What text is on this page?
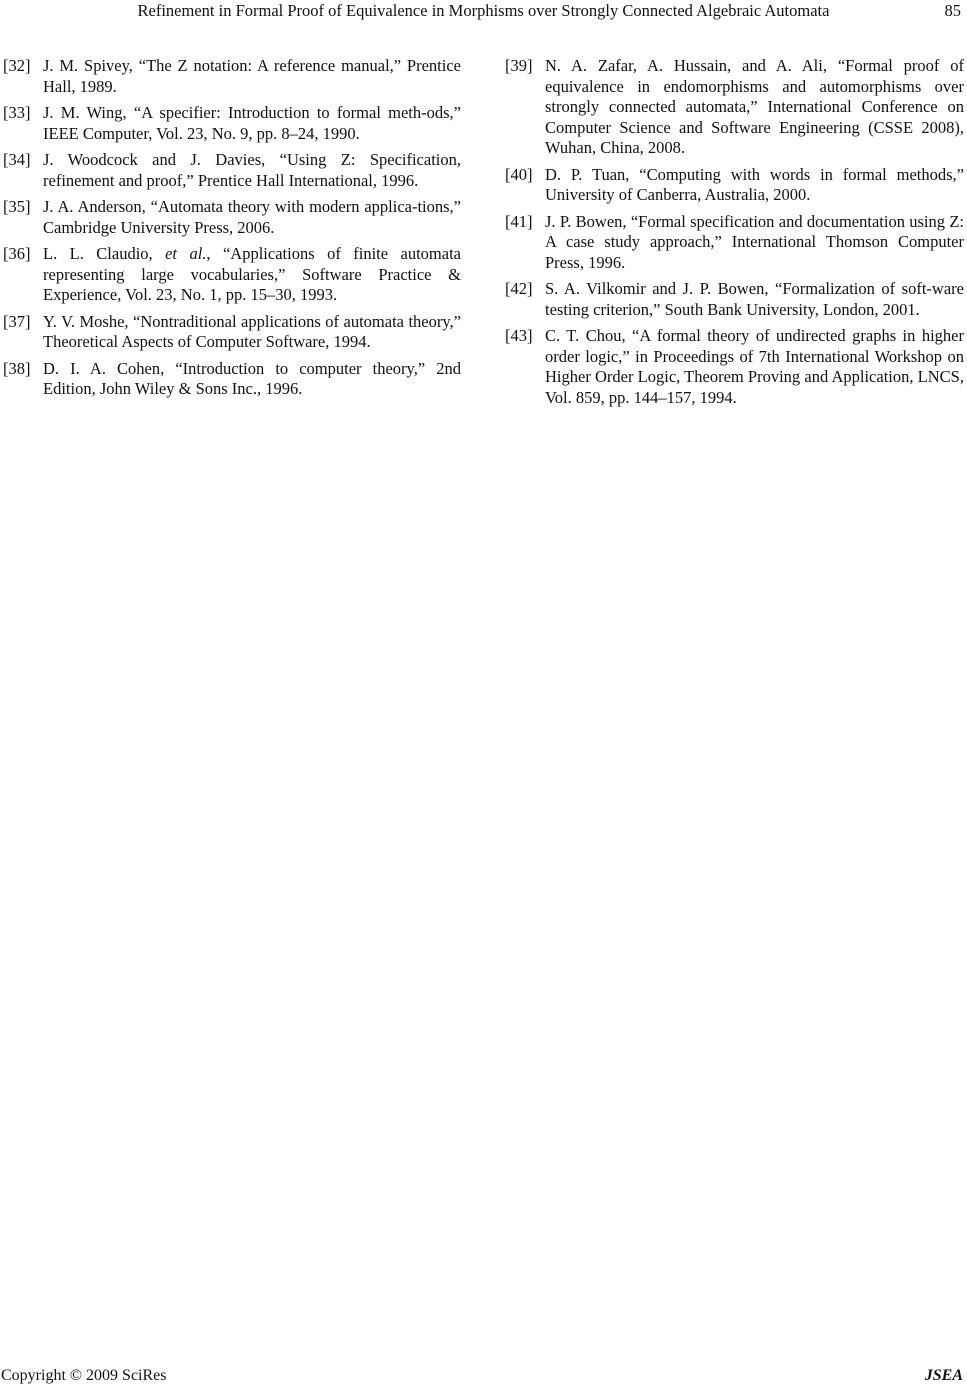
Refinement in Formal Proof of Equivalence in Morphisms over Strongly Connected Algebraic Automata	85
[32] J. M. Spivey, “The Z notation: A reference manual,” Prentice Hall, 1989.
[33] J. M. Wing, “A specifier: Introduction to formal meth-ods,” IEEE Computer, Vol. 23, No. 9, pp. 8–24, 1990.
[34] J. Woodcock and J. Davies, “Using Z: Specification, refinement and proof,” Prentice Hall International, 1996.
[35] J. A. Anderson, “Automata theory with modern applica-tions,” Cambridge University Press, 2006.
[36] L. L. Claudio, et al., “Applications of finite automata representing large vocabularies,” Software Practice & Experience, Vol. 23, No. 1, pp. 15–30, 1993.
[37] Y. V. Moshe, “Nontraditional applications of automata theory,” Theoretical Aspects of Computer Software, 1994.
[38] D. I. A. Cohen, “Introduction to computer theory,” 2nd Edition, John Wiley & Sons Inc., 1996.
[39] N. A. Zafar, A. Hussain, and A. Ali, “Formal proof of equivalence in endomorphisms and automorphisms over strongly connected automata,” International Conference on Computer Science and Software Engineering (CSSE 2008), Wuhan, China, 2008.
[40] D. P. Tuan, “Computing with words in formal methods,” University of Canberra, Australia, 2000.
[41] J. P. Bowen, “Formal specification and documentation using Z: A case study approach,” International Thomson Computer Press, 1996.
[42] S. A. Vilkomir and J. P. Bowen, “Formalization of soft-ware testing criterion,” South Bank University, London, 2001.
[43] C. T. Chou, “A formal theory of undirected graphs in higher order logic,” in Proceedings of 7th International Workshop on Higher Order Logic, Theorem Proving and Application, LNCS, Vol. 859, pp. 144–157, 1994.
Copyright © 2009 SciRes	JSEA
